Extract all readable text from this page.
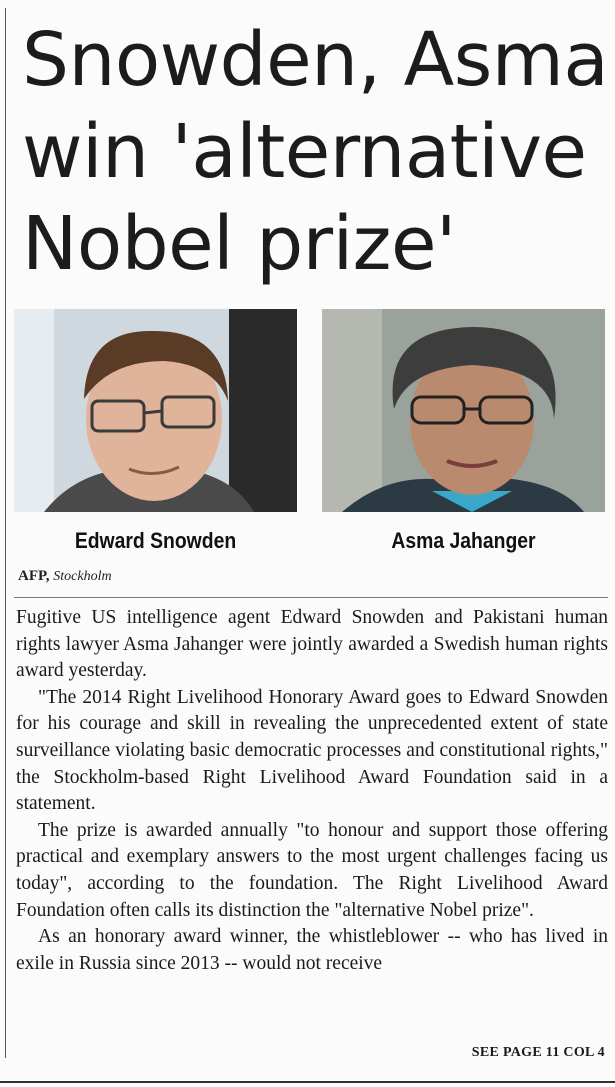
Snowden, Asma win 'alternative Nobel prize'
Edward Snowden	Asma Jahanger
AFP, Stockholm

Fugitive US intelligence agent Edward Snowden and Pakistani human rights lawyer Asma Jahanger were jointly awarded a Swedish human rights award yesterday.

"The 2014 Right Livelihood Honorary Award goes to Edward Snowden for his courage and skill in revealing the unprecedented extent of state surveillance violating basic democratic processes and constitutional rights," the Stockholm-based Right Livelihood Award Foundation said in a statement.

The prize is awarded annually "to honour and support those offering practical and exemplary answers to the most urgent challenges facing us today", according to the foundation. The Right Livelihood Award Foundation often calls its distinction the "alternative Nobel prize".

As an honorary award winner, the whistleblower -- who has lived in exile in Russia since 2013 -- would not receive

SEE PAGE 11 COL 4
